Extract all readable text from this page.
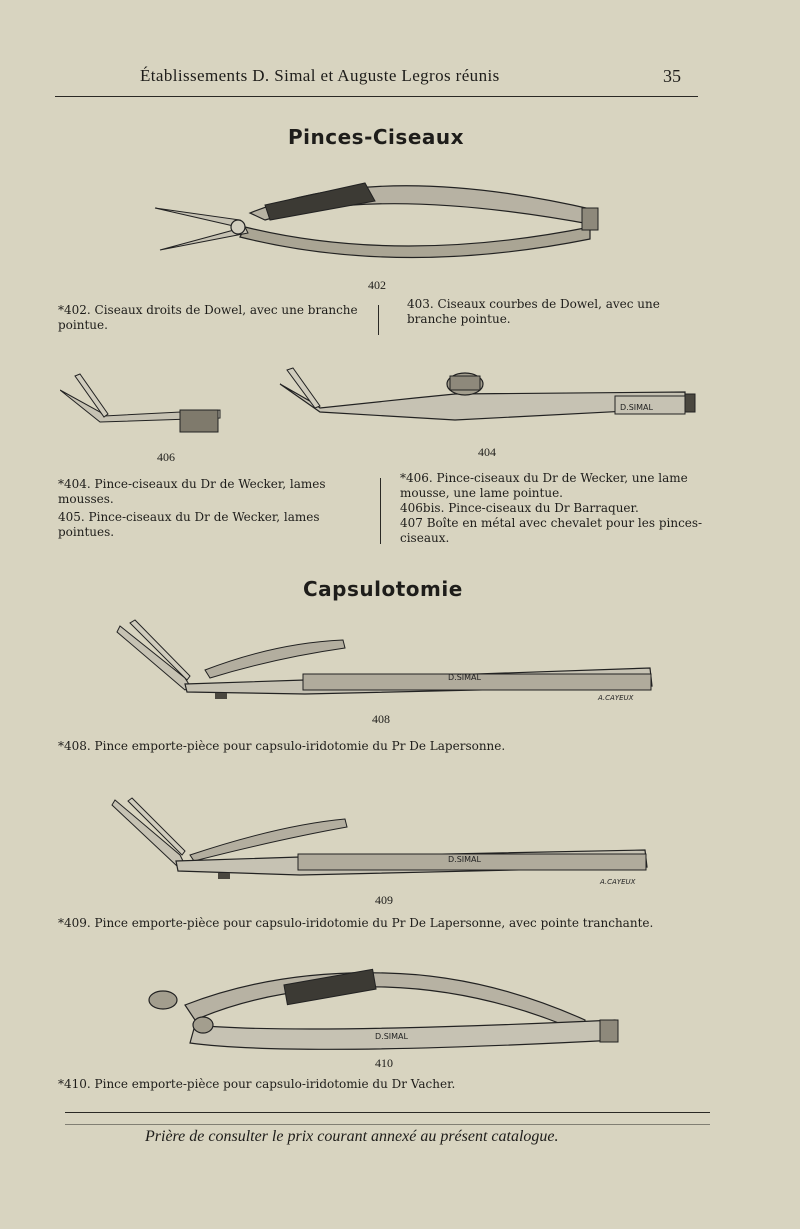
Établissements D. Simal et Auguste Legros réunis	35
Pinces-Ciseaux
402
*402. Ciseaux droits de Dowel, avec une branche pointue.
403. Ciseaux courbes de Dowel, avec une branche pointue.
406
D.SIMAL
404
*404. Pince-ciseaux du Dr de Wecker, lames mousses.
405. Pince-ciseaux du Dr de Wecker, lames pointues.
*406. Pince-ciseaux du Dr de Wecker, une lame mousse, une lame pointue.
406bis. Pince-ciseaux du Dr Barraquer.
407 Boîte en métal avec chevalet pour les pinces-ciseaux.
Capsulotomie
D.SIMAL
A.CAYEUX
408
*408. Pince emporte-pièce pour capsulo-iridotomie du Pr De Lapersonne.
D.SIMAL
A.CAYEUX
409
*409. Pince emporte-pièce pour capsulo-iridotomie du Pr De Lapersonne, avec pointe tranchante.
D.SIMAL
410
*410. Pince emporte-pièce pour capsulo-iridotomie du Dr Vacher.
Prière de consulter le prix courant annexé au présent catalogue.
